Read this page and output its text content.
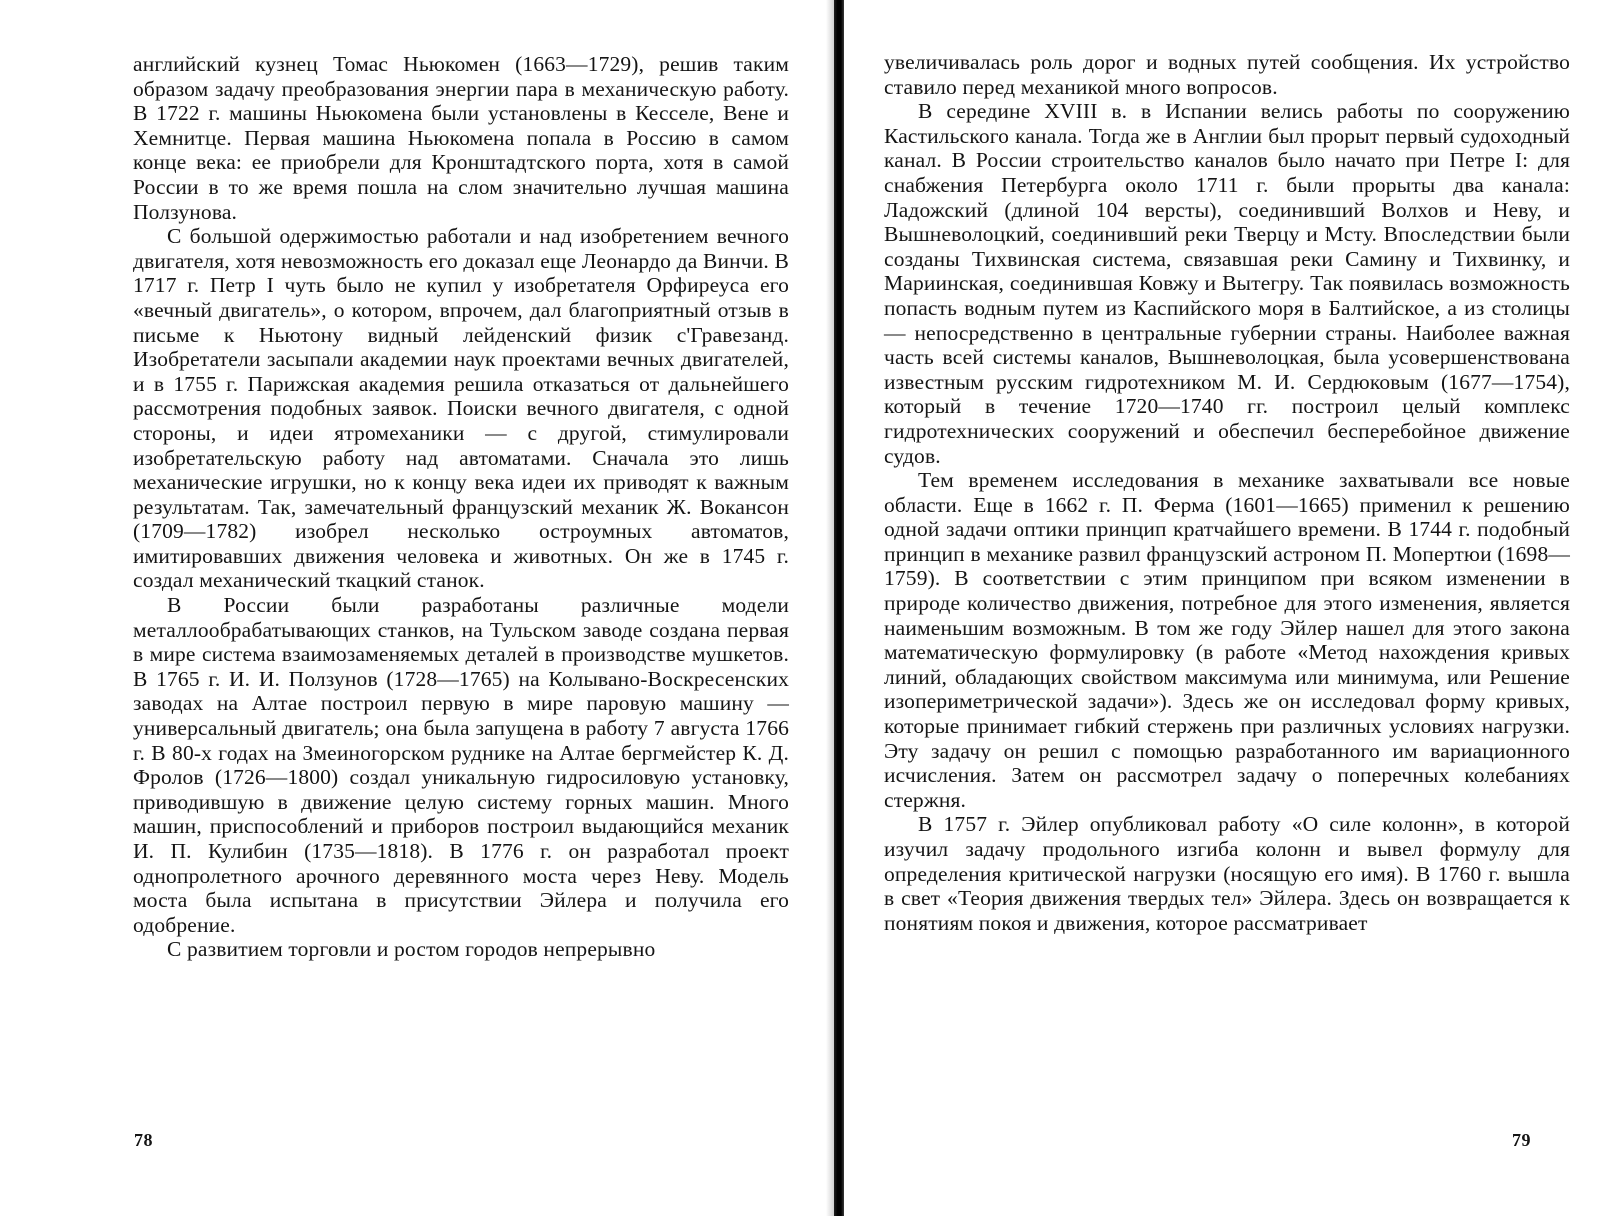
английский кузнец Томас Ньюкомен (1663—1729), решив таким образом задачу преобразования энергии пара в механическую работу. В 1722 г. машины Ньюкомена были установлены в Кесселе, Вене и Хемнитце. Первая машина Ньюкомена попала в Россию в самом конце века: ее приобрели для Кронштадтского порта, хотя в самой России в то же время пошла на слом значительно лучшая машина Ползунова.

С большой одержимостью работали и над изобретением вечного двигателя, хотя невозможность его доказал еще Леонардо да Винчи. В 1717 г. Петр I чуть было не купил у изобретателя Орфиреуса его «вечный двигатель», о котором, впрочем, дал благоприятный отзыв в письме к Ньютону видный лейденский физик с'Гравезанд. Изобретатели засыпали академии наук проектами вечных двигателей, и в 1755 г. Парижская академия решила отказаться от дальнейшего рассмотрения подобных заявок. Поиски вечного двигателя, с одной стороны, и идеи ятромеханики — с другой, стимулировали изобретательскую работу над автоматами. Сначала это лишь механические игрушки, но к концу века идеи их приводят к важным результатам. Так, замечательный французский механик Ж. Вокансон (1709—1782) изобрел несколько остроумных автоматов, имитировавших движения человека и животных. Он же в 1745 г. создал механический ткацкий станок.

В России были разработаны различные модели металлообрабатывающих станков, на Тульском заводе создана первая в мире система взаимозаменяемых деталей в производстве мушкетов. В 1765 г. И. И. Ползунов (1728—1765) на Колывано-Воскресенских заводах на Алтае построил первую в мире паровую машину — универсальный двигатель; она была запущена в работу 7 августа 1766 г. В 80-х годах на Змеиногорском руднике на Алтае бергмейстер К. Д. Фролов (1726—1800) создал уникальную гидросиловую установку, приводившую в движение целую систему горных машин. Много машин, приспособлений и приборов построил выдающийся механик И. П. Кулибин (1735—1818). В 1776 г. он разработал проект однопролетного арочного деревянного моста через Неву. Модель моста была испытана в присутствии Эйлера и получила его одобрение.

С развитием торговли и ростом городов непрерывно

78

увеличивалась роль дорог и водных путей сообщения. Их устройство ставило перед механикой много вопросов.

В середине XVIII в. в Испании велись работы по сооружению Кастильского канала. Тогда же в Англии был прорыт первый судоходный канал. В России строительство каналов было начато при Петре I: для снабжения Петербурга около 1711 г. были прорыты два канала: Ладожский (длиной 104 версты), соединивший Волхов и Неву, и Вышневолоцкий, соединивший реки Тверцу и Мсту. Впоследствии были созданы Тихвинская система, связавшая реки Самину и Тихвинку, и Мариинская, соединившая Ковжу и Вытегру. Так появилась возможность попасть водным путем из Каспийского моря в Балтийское, а из столицы — непосредственно в центральные губернии страны. Наиболее важная часть всей системы каналов, Вышневолоцкая, была усовершенствована известным русским гидротехником М. И. Сердюковым (1677—1754), который в течение 1720—1740 гг. построил целый комплекс гидротехнических сооружений и обеспечил бесперебойное движение судов.

Тем временем исследования в механике захватывали все новые области. Еще в 1662 г. П. Ферма (1601—1665) применил к решению одной задачи оптики принцип кратчайшего времени. В 1744 г. подобный принцип в механике развил французский астроном П. Мопертюи (1698—1759). В соответствии с этим принципом при всяком изменении в природе количество движения, потребное для этого изменения, является наименьшим возможным. В том же году Эйлер нашел для этого закона математическую формулировку (в работе «Метод нахождения кривых линий, обладающих свойством максимума или минимума, или Решение изопериметрической задачи»). Здесь же он исследовал форму кривых, которые принимает гибкий стержень при различных условиях нагрузки. Эту задачу он решил с помощью разработанного им вариационного исчисления. Затем он рассмотрел задачу о поперечных колебаниях стержня.

В 1757 г. Эйлер опубликовал работу «О силе колонн», в которой изучил задачу продольного изгиба колонн и вывел формулу для определения критической нагрузки (носящую его имя). В 1760 г. вышла в свет «Теория движения твердых тел» Эйлера. Здесь он возвращается к понятиям покоя и движения, которое рассматривает

79
